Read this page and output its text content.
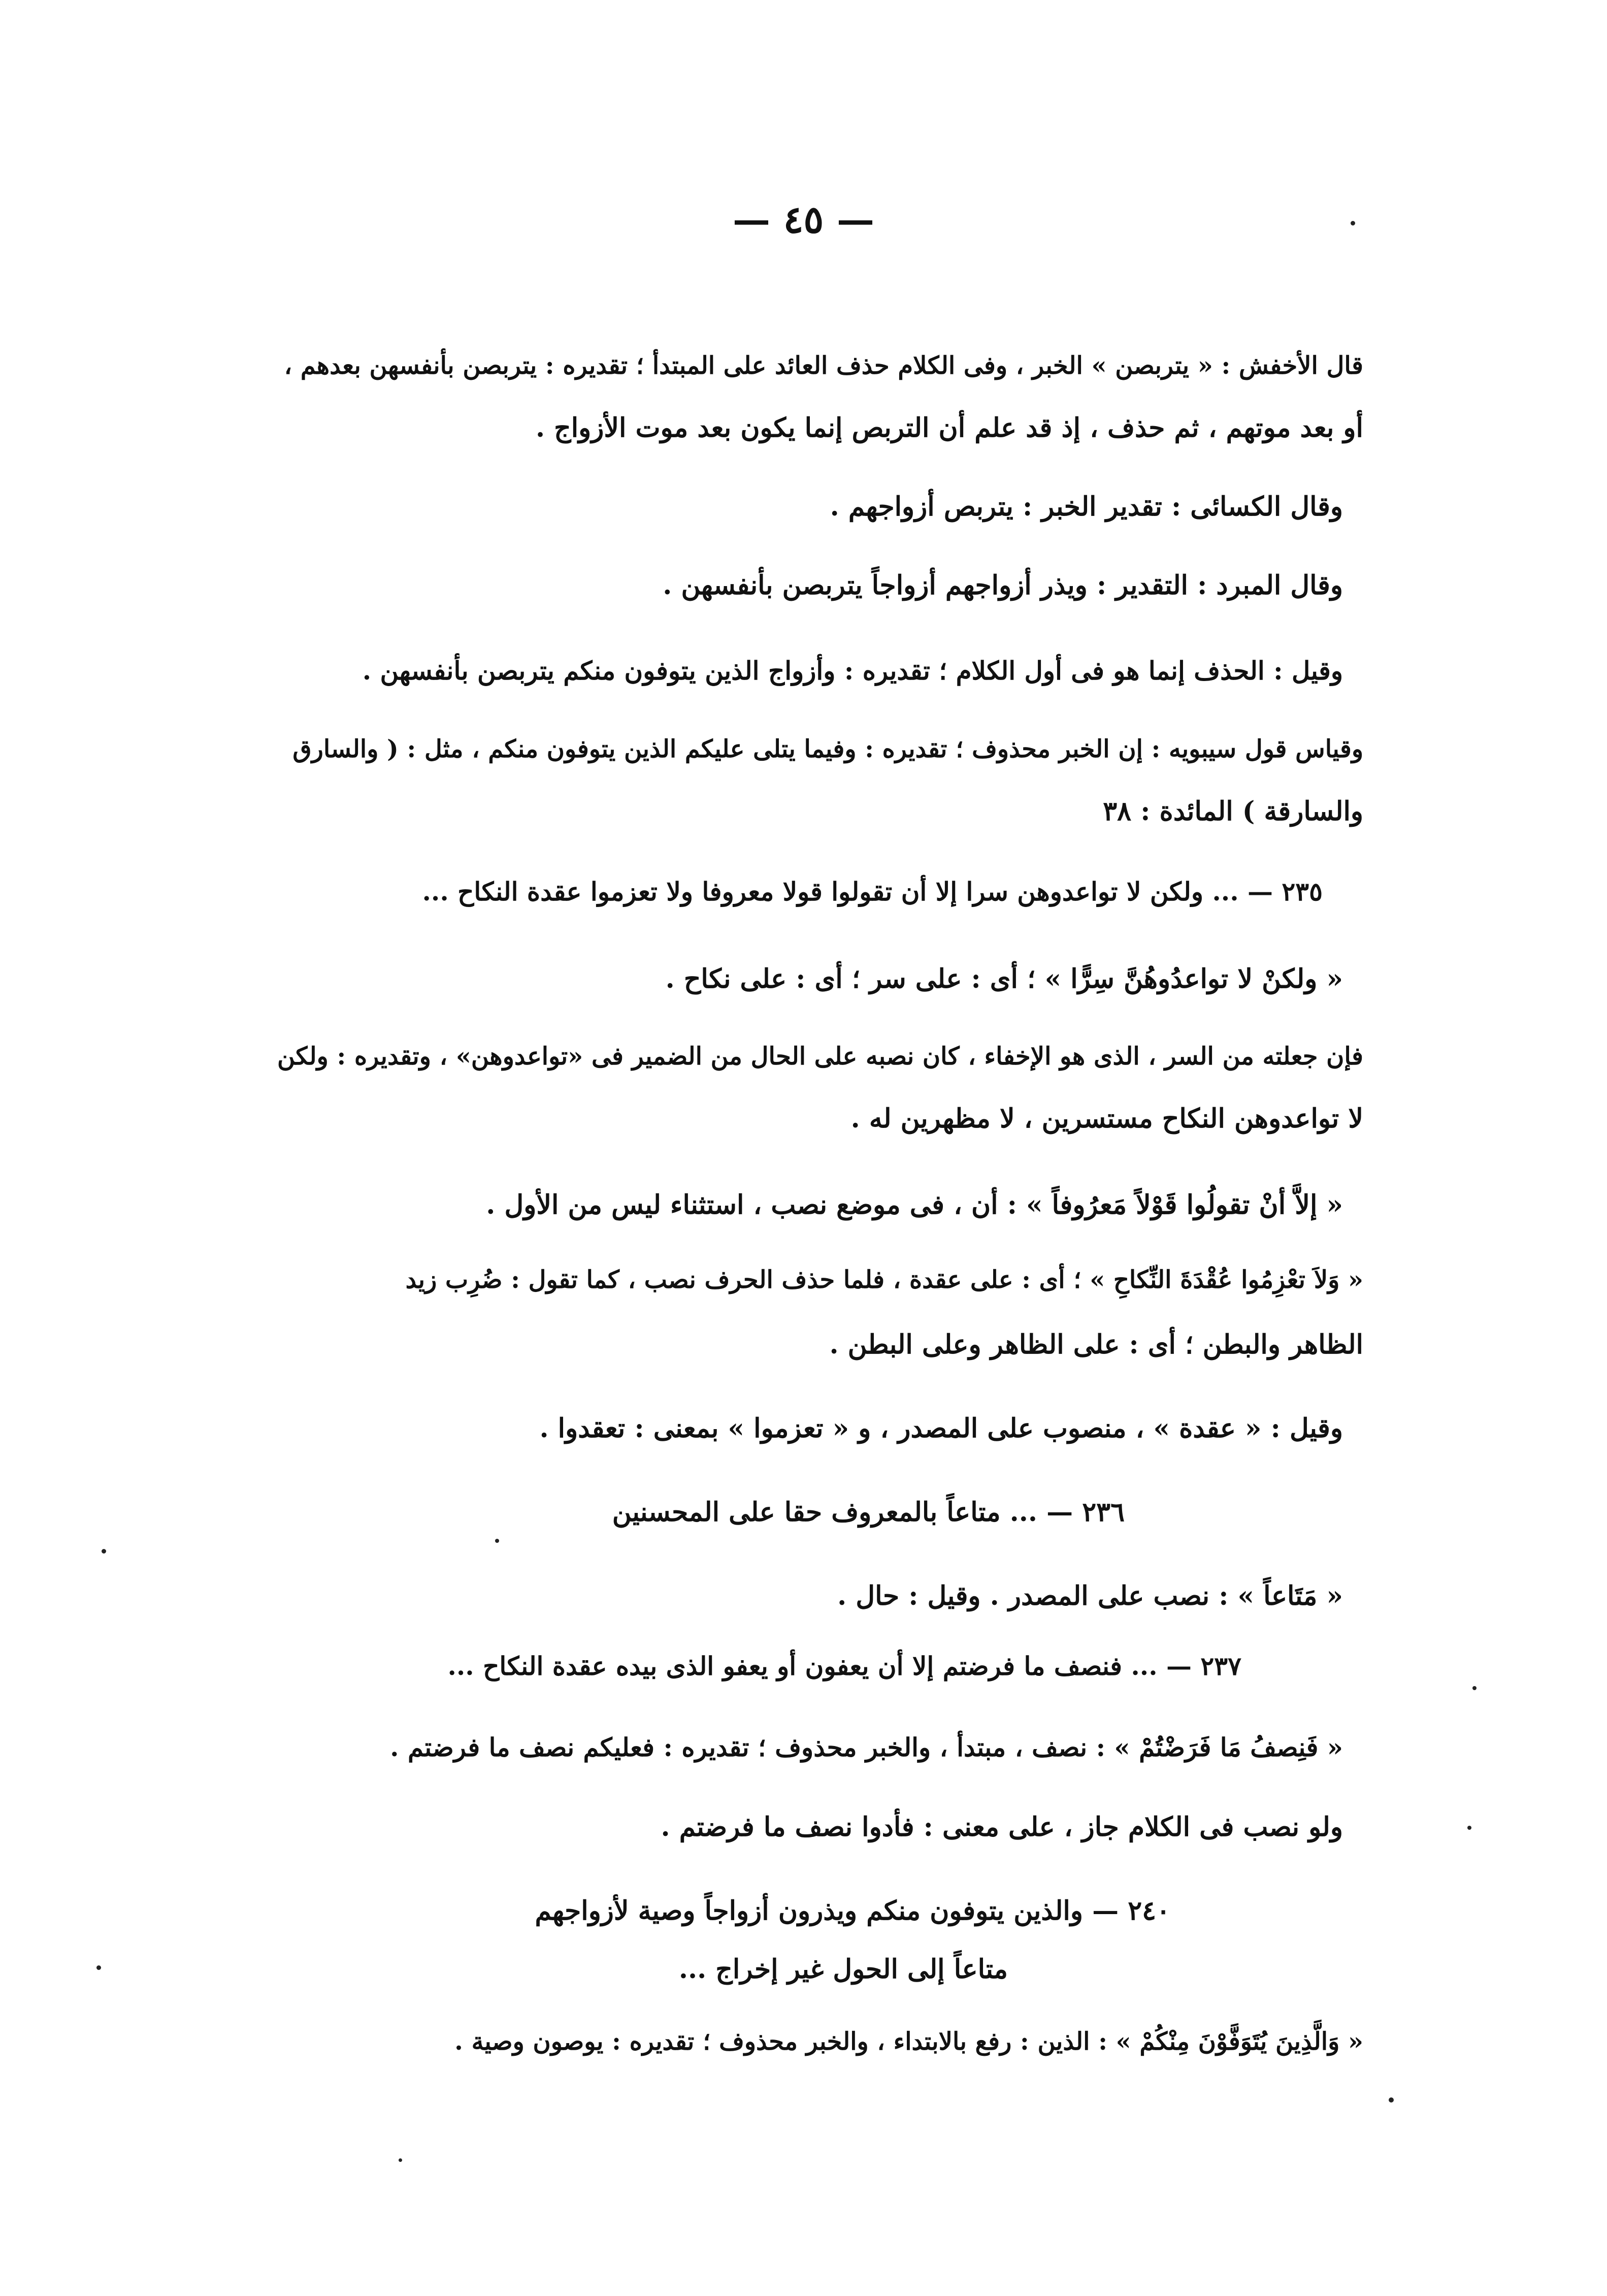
— ٤٥ —
قال الأخفش : « يتربصن » الخبر ، وفى الكلام حذف العائد على المبتدأ ؛ تقديره : يتربصن بأنفسهن بعدهم ،
أو بعد موتهم ، ثم حذف ، إذ قد علم أن التربص إنما يكون بعد موت الأزواج .
وقال الكسائى : تقدير الخبر : يتربص أزواجهم .
وقال المبرد : التقدير : ويذر أزواجهم أزواجاً يتربصن بأنفسهن .
وقيل : الحذف إنما هو فى أول الكلام ؛ تقديره : وأزواج الذين يتوفون منكم يتربصن بأنفسهن .
وقياس قول سيبويه : إن الخبر محذوف ؛ تقديره : وفيما يتلى عليكم الذين يتوفون منكم ، مثل : ( والسارق
والسارقة ) المائدة : ٣٨
٢٣٥ — ... ولكن لا تواعدوهن سرا إلا أن تقولوا قولا معروفا ولا تعزموا عقدة النكاح ...
« ولكنْ لا تواعدُوهُنَّ سِرًّا » ؛ أى : على سر ؛ أى : على نكاح .
فإن جعلته من السر ، الذى هو الإخفاء ، كان نصبه على الحال من الضمير فى «تواعدوهن» ، وتقديره : ولكن
لا تواعدوهن النكاح مستسرين ، لا مظهرين له .
« إلاَّ أنْ تقولُوا قَوْلاً مَعرُوفاً » : أن ، فى موضع نصب ، استثناء ليس من الأول .
« وَلاَ تعْزِمُوا عُقْدَةَ النِّكاحِ » ؛ أى : على عقدة ، فلما حذف الحرف نصب ، كما تقول : ضُرِب زيد
الظاهر والبطن ؛ أى : على الظاهر وعلى البطن .
وقيل : « عقدة » ، منصوب على المصدر ، و « تعزموا » بمعنى : تعقدوا .
٢٣٦ — ... متاعاً بالمعروف حقا على المحسنين
« مَتَاعاً » : نصب على المصدر . وقيل : حال .
٢٣٧ — ... فنصف ما فرضتم إلا أن يعفون أو يعفو الذى بيده عقدة النكاح ...
« فَنِصفُ مَا فَرَضْتُمْ » : نصف ، مبتدأ ، والخبر محذوف ؛ تقديره : فعليكم نصف ما فرضتم .
ولو نصب فى الكلام جاز ، على معنى : فأدوا نصف ما فرضتم .
٢٤٠ — والذين يتوفون منكم ويذرون أزواجاً وصية لأزواجهم
متاعاً إلى الحول غير إخراج ...
« وَالَّذِينَ يُتَوَفَّوْنَ مِنْكُمْ » : الذين : رفع بالابتداء ، والخبر محذوف ؛ تقديره : يوصون وصية .
